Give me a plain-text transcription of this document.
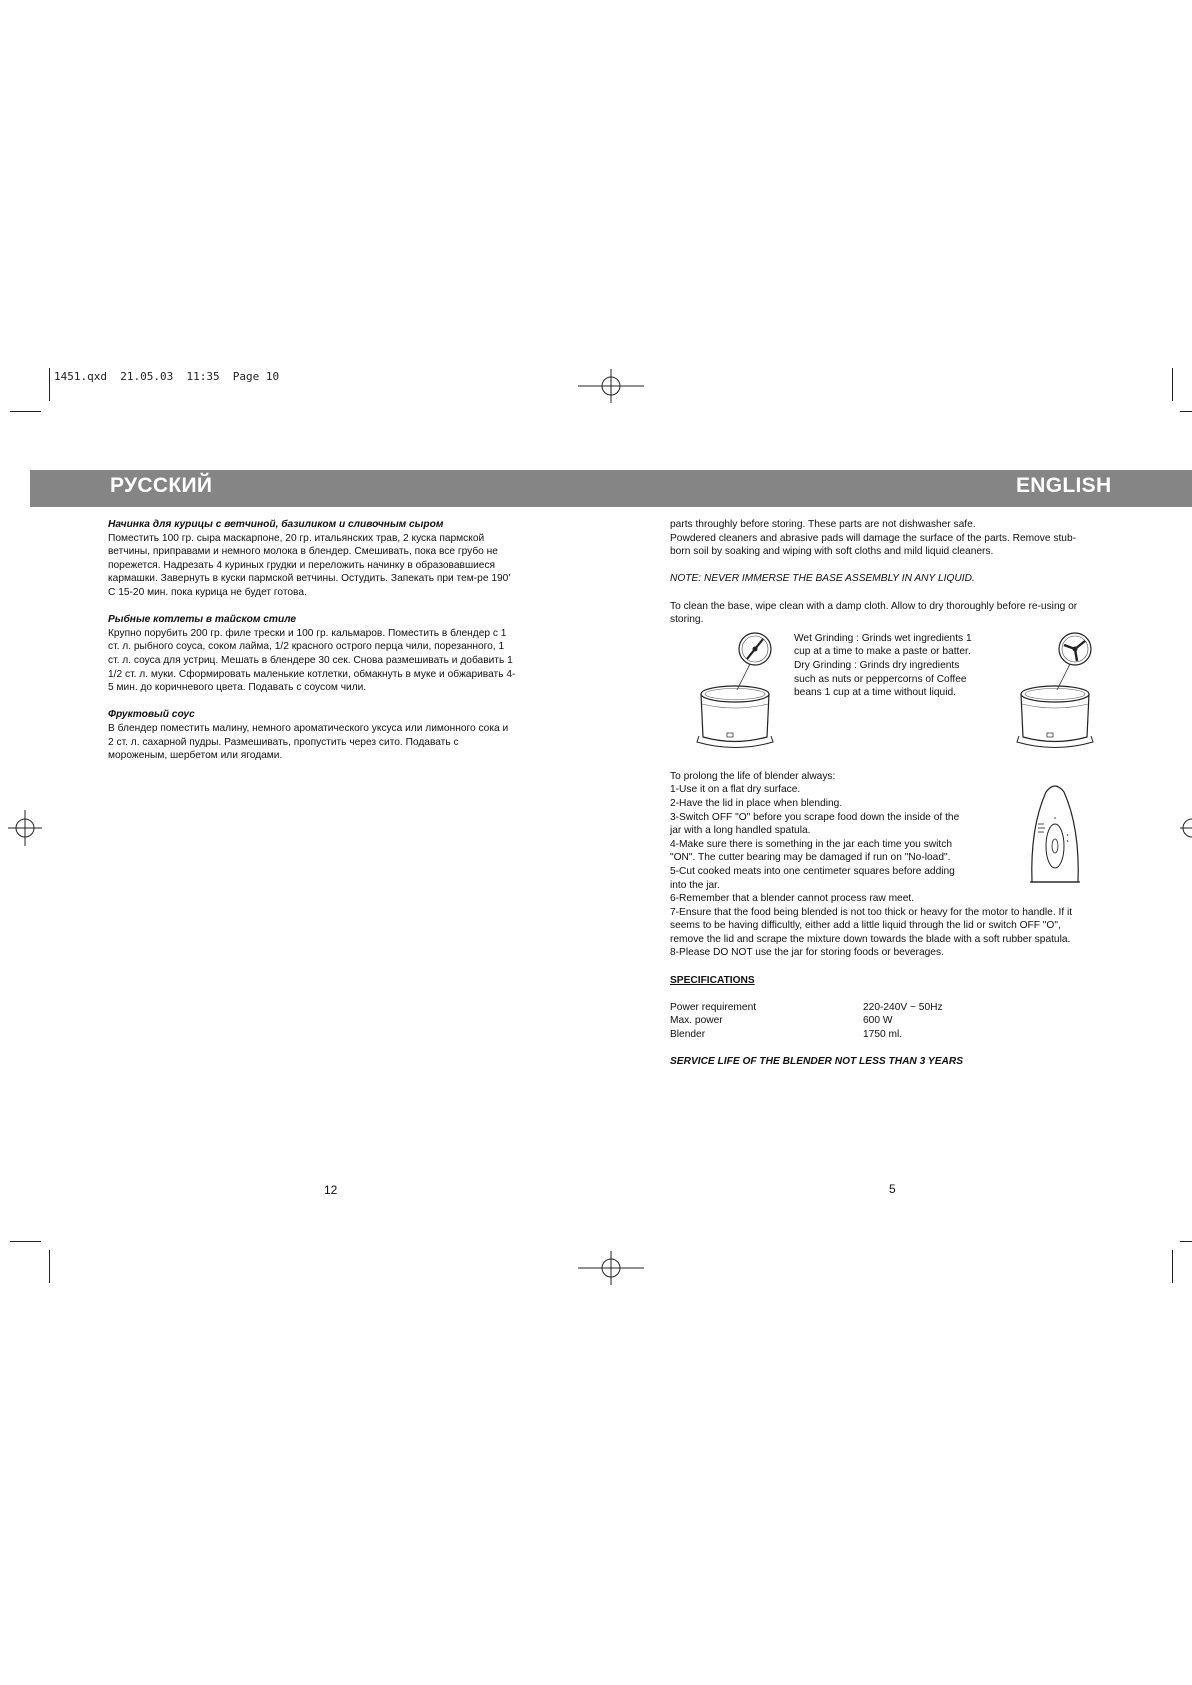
1451.qxd  21.05.03  11:35  Page 10
РУССКИЙ	ENGLISH

Начинка для курицы с ветчиной, базиликом и сливочным сыром

Поместить 100 гр. сыра маскарпоне, 20 гр. итальянских трав, 2 куска пармской

ветчины, приправами и немного молока в блендер. Смешивать, пока все грубо не

порежется. Надрезать 4 куриных грудки и переложить начинку в образовавшиеся

кармашки. Завернуть в куски пармской ветчины. Остудить. Запекать при тем-ре 190'

С 15-20 мин. пока курица не будет готова.

Рыбные котлеты в тайском стиле

Крупно порубить 200 гр. филе трески и 100 гр. кальмаров. Поместить в блендер с 1

ст. л. рыбного соуса, соком лайма, 1/2 красного острого перца чили, порезанного, 1

ст. л. соуса для устриц. Мешать в блендере 30 сек. Снова размешивать и добавить 1

1/2 ст. л. муки. Сформировать маленькие котлетки, обмакнуть в муке и обжаривать 4-

5 мин. до коричневого цвета. Подавать с соусом чили.

Фруктовый соус

В блендер поместить малину, немного ароматического уксуса или лимонного сока и

2 ст. л. сахарной пудры. Размешивать, пропустить через сито. Подавать с

мороженым, шербетом или ягодами.

parts throughly before storing. These parts are not dishwasher safe.

Powdered cleaners and abrasive pads will damage the surface of the parts. Remove stub-

born soil by soaking and wiping with soft cloths and mild liquid cleaners.

NOTE: NEVER IMMERSE THE BASE ASSEMBLY IN ANY LIQUID.

To clean the base, wipe clean with a damp cloth. Allow to dry thoroughly before re-using or

storing.

Wet Grinding : Grinds wet ingredients 1

cup at a time to make a paste or batter.

Dry Grinding : Grinds dry ingredients

such as nuts or peppercorns of Coffee

beans 1 cup at a time without liquid.

To prolong the life of blender always:

1-Use it on a flat dry surface.

2-Have the lid in place when blending.

3-Switch OFF "O" before you scrape food down the inside of the

jar with a long handled spatula.

4-Make sure there is something in the jar each time you switch

"ON". The cutter bearing may be damaged if run on "No-load".

5-Cut cooked meats into one centimeter squares before adding

into the jar.

6-Remember that a blender cannot process raw meet.

7-Ensure that the food being blended is not too thick or heavy for the motor to handle. If it

seems to be having difficultly, either add a little liquid through the lid or switch OFF "O",

remove the lid and scrape the mixture down towards the blade with a soft rubber spatula.

8-Please DO NOT use the jar for storing foods or beverages.

SPECIFICATIONS

Power requirement	220-240V ~ 50Hz
Max. power	600 W
Blender	1750 ml.

SERVICE LIFE OF THE BLENDER NOT LESS THAN 3 YEARS

12	5
